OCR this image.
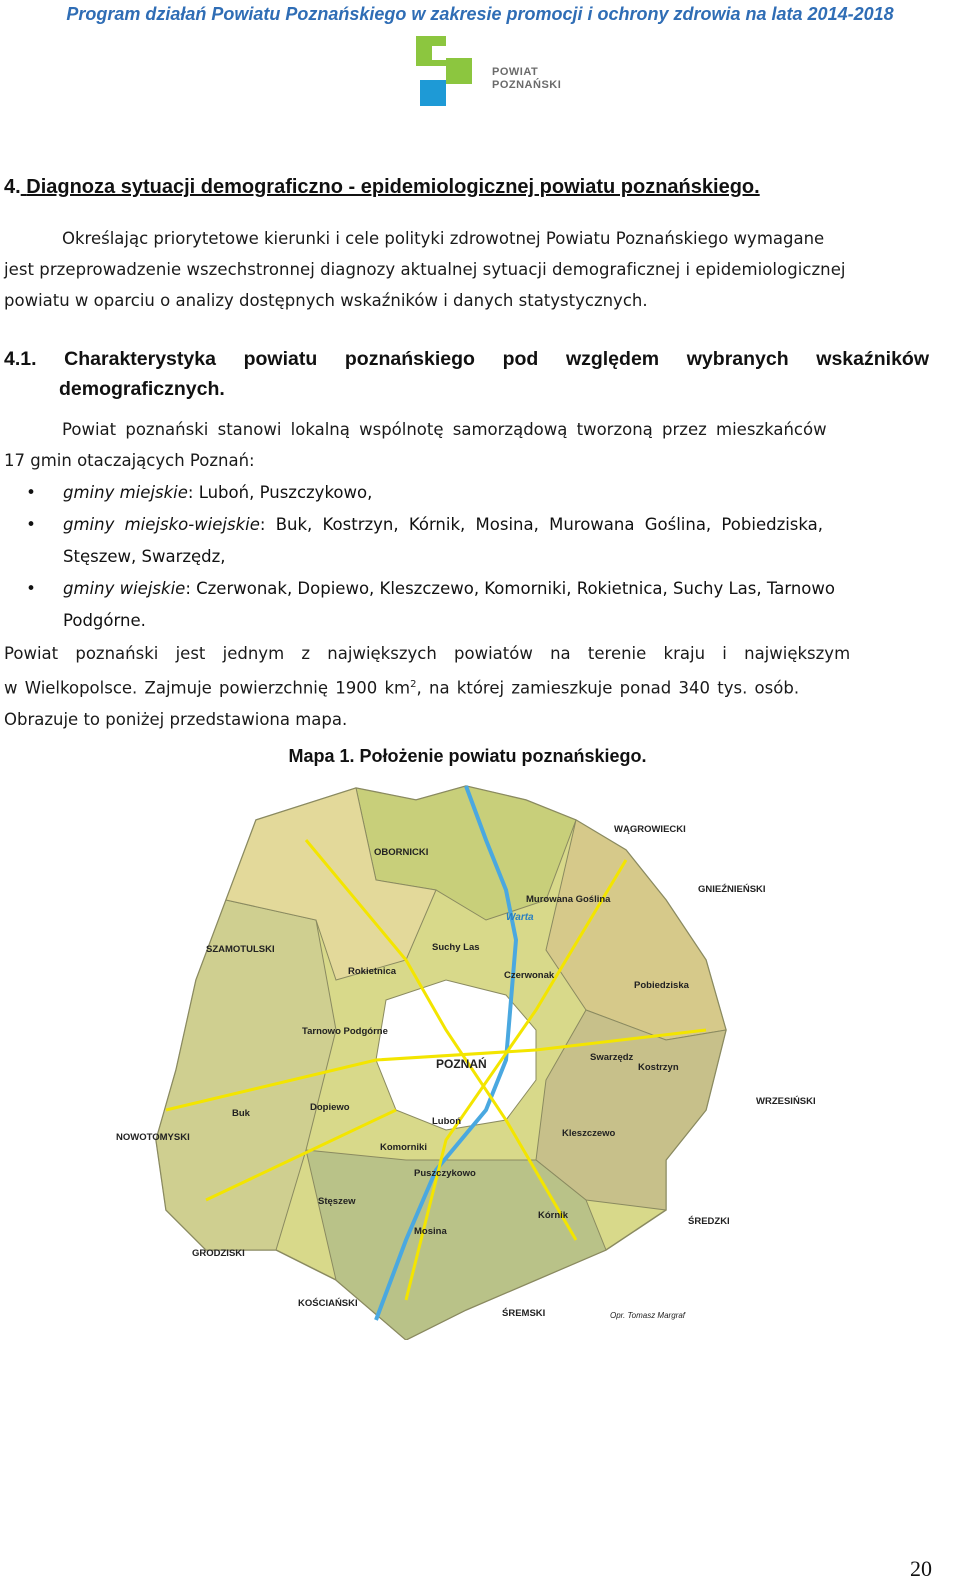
Program działań Powiatu Poznańskiego w zakresie promocji i ochrony zdrowia na lata 2014-2018
POWIAT
POZNAŃSKI
4. Diagnoza sytuacji demograficzno - epidemiologicznej powiatu poznańskiego.
Określając priorytetowe kierunki i cele polityki zdrowotnej Powiatu Poznańskiego wymagane
jest przeprowadzenie wszechstronnej diagnozy aktualnej sytuacji demograficznej i epidemiologicznej
powiatu w oparciu o analizy dostępnych wskaźników i danych statystycznych.
4.1. Charakterystyka powiatu poznańskiego pod względem wybranych wskaźników
demograficznych.
Powiat poznański stanowi lokalną wspólnotę samorządową tworzoną przez mieszkańców
17 gmin otaczających Poznań:
• gminy miejskie: Luboń, Puszczykowo,
• gminy miejsko-wiejskie: Buk, Kostrzyn, Kórnik, Mosina, Murowana Goślina, Pobiedziska,
Stęszew, Swarzędz,
• gminy wiejskie: Czerwonak, Dopiewo, Kleszczewo, Komorniki, Rokietnica, Suchy Las, Tarnowo
Podgórne.
Powiat poznański jest jednym z największych powiatów na terenie kraju i największym
w Wielkopolsce. Zajmuje powierzchnię 1900 $km^2$, na której zamieszkuje ponad 340 tys. osób.
Obrazuje to poniżej przedstawiona mapa.
Mapa 1. Położenie powiatu poznańskiego.
WĄGROWIECKI
OBORNICKI
GNIEŹNIEŃSKI
SZAMOTULSKI
WRZESIŃSKI
NOWOTOMYSKI
ŚREDZKI
GRODZISKI
KOŚCIAŃSKI
ŚREMSKI
Murowana Goślina
Suchy Las
Rokietnica	Czerwonak
Pobiedziska
Tarnowo Podgórne
POZNAŃ	Swarzędz
Kostrzyn
Buk
Dopiewo
Luboń
Kleszczewo
Komorniki
Puszczykowo
Stęszew
Kórnik
Mosina
Warta
Opr. Tomasz Margraf
20
